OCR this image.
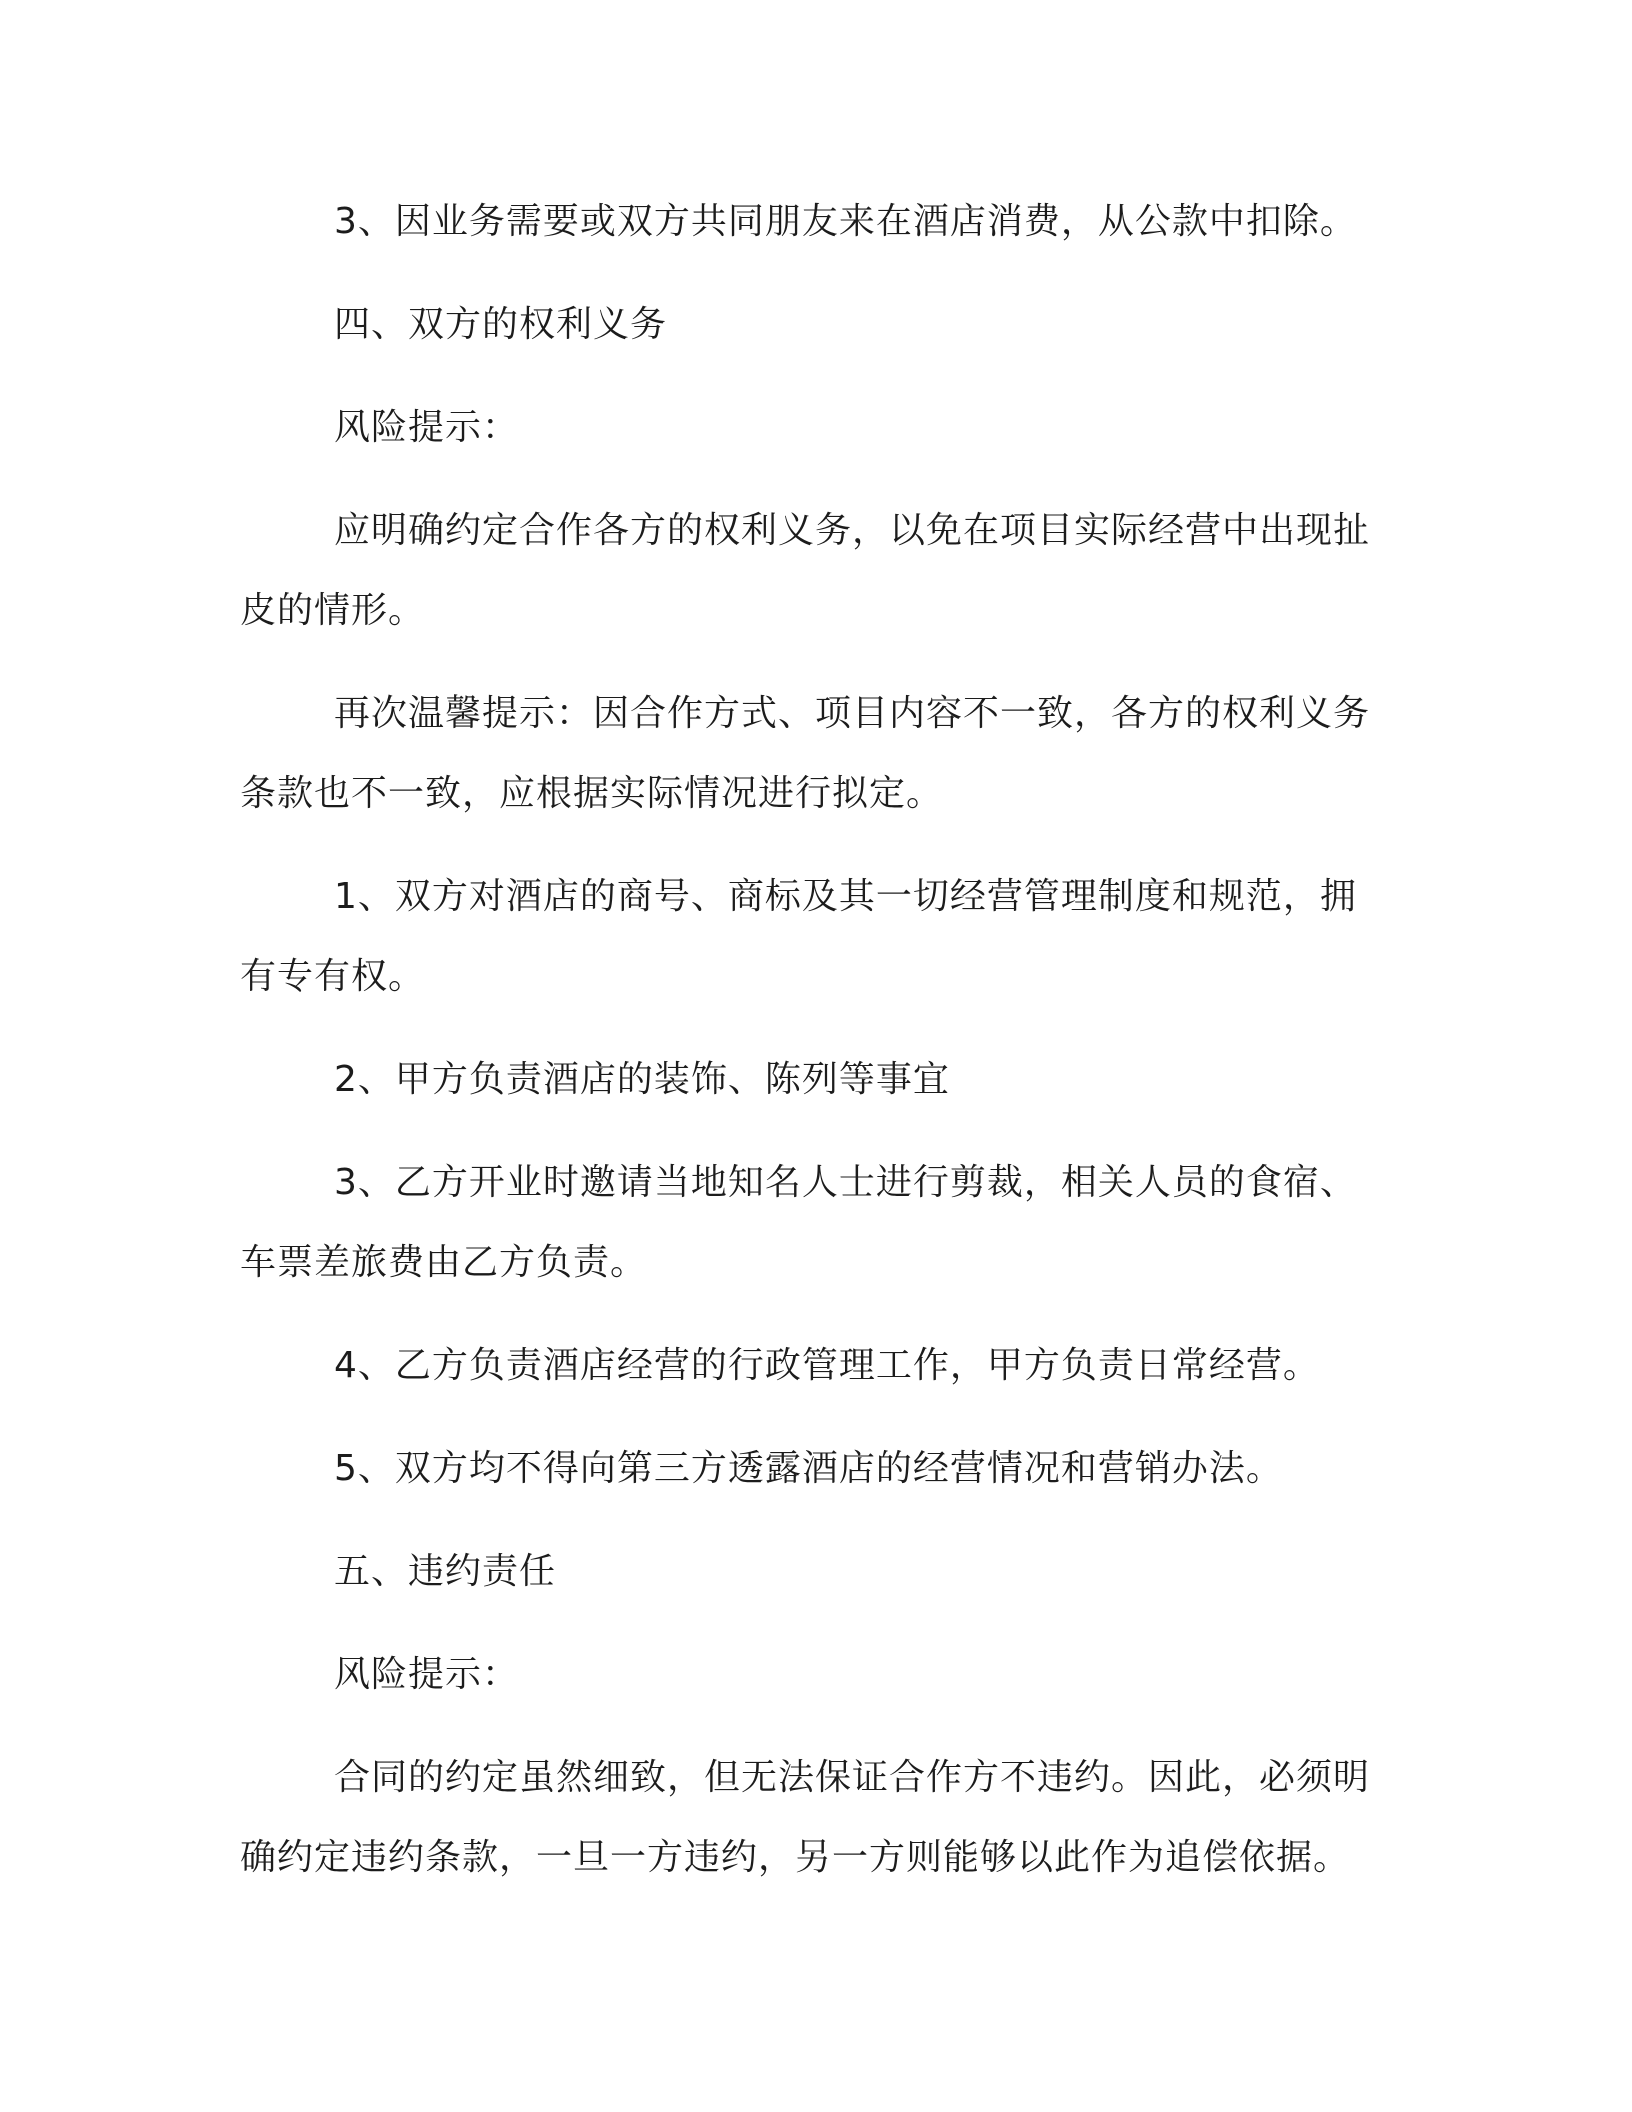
3、因业务需要或双方共同朋友来在酒店消费，从公款中扣除。

四、双方的权利义务

风险提示：

应明确约定合作各方的权利义务，以免在项目实际经营中出现扯皮的情形。

再次温馨提示：因合作方式、项目内容不一致，各方的权利义务条款也不一致，应根据实际情况进行拟定。

1、双方对酒店的商号、商标及其一切经营管理制度和规范，拥有专有权。

2、甲方负责酒店的装饰、陈列等事宜

3、乙方开业时邀请当地知名人士进行剪裁，相关人员的食宿、车票差旅费由乙方负责。

4、乙方负责酒店经营的行政管理工作，甲方负责日常经营。

5、双方均不得向第三方透露酒店的经营情况和营销办法。

五、违约责任

风险提示：

合同的约定虽然细致，但无法保证合作方不违约。因此，必须明确约定违约条款，一旦一方违约，另一方则能够以此作为追偿依据。
